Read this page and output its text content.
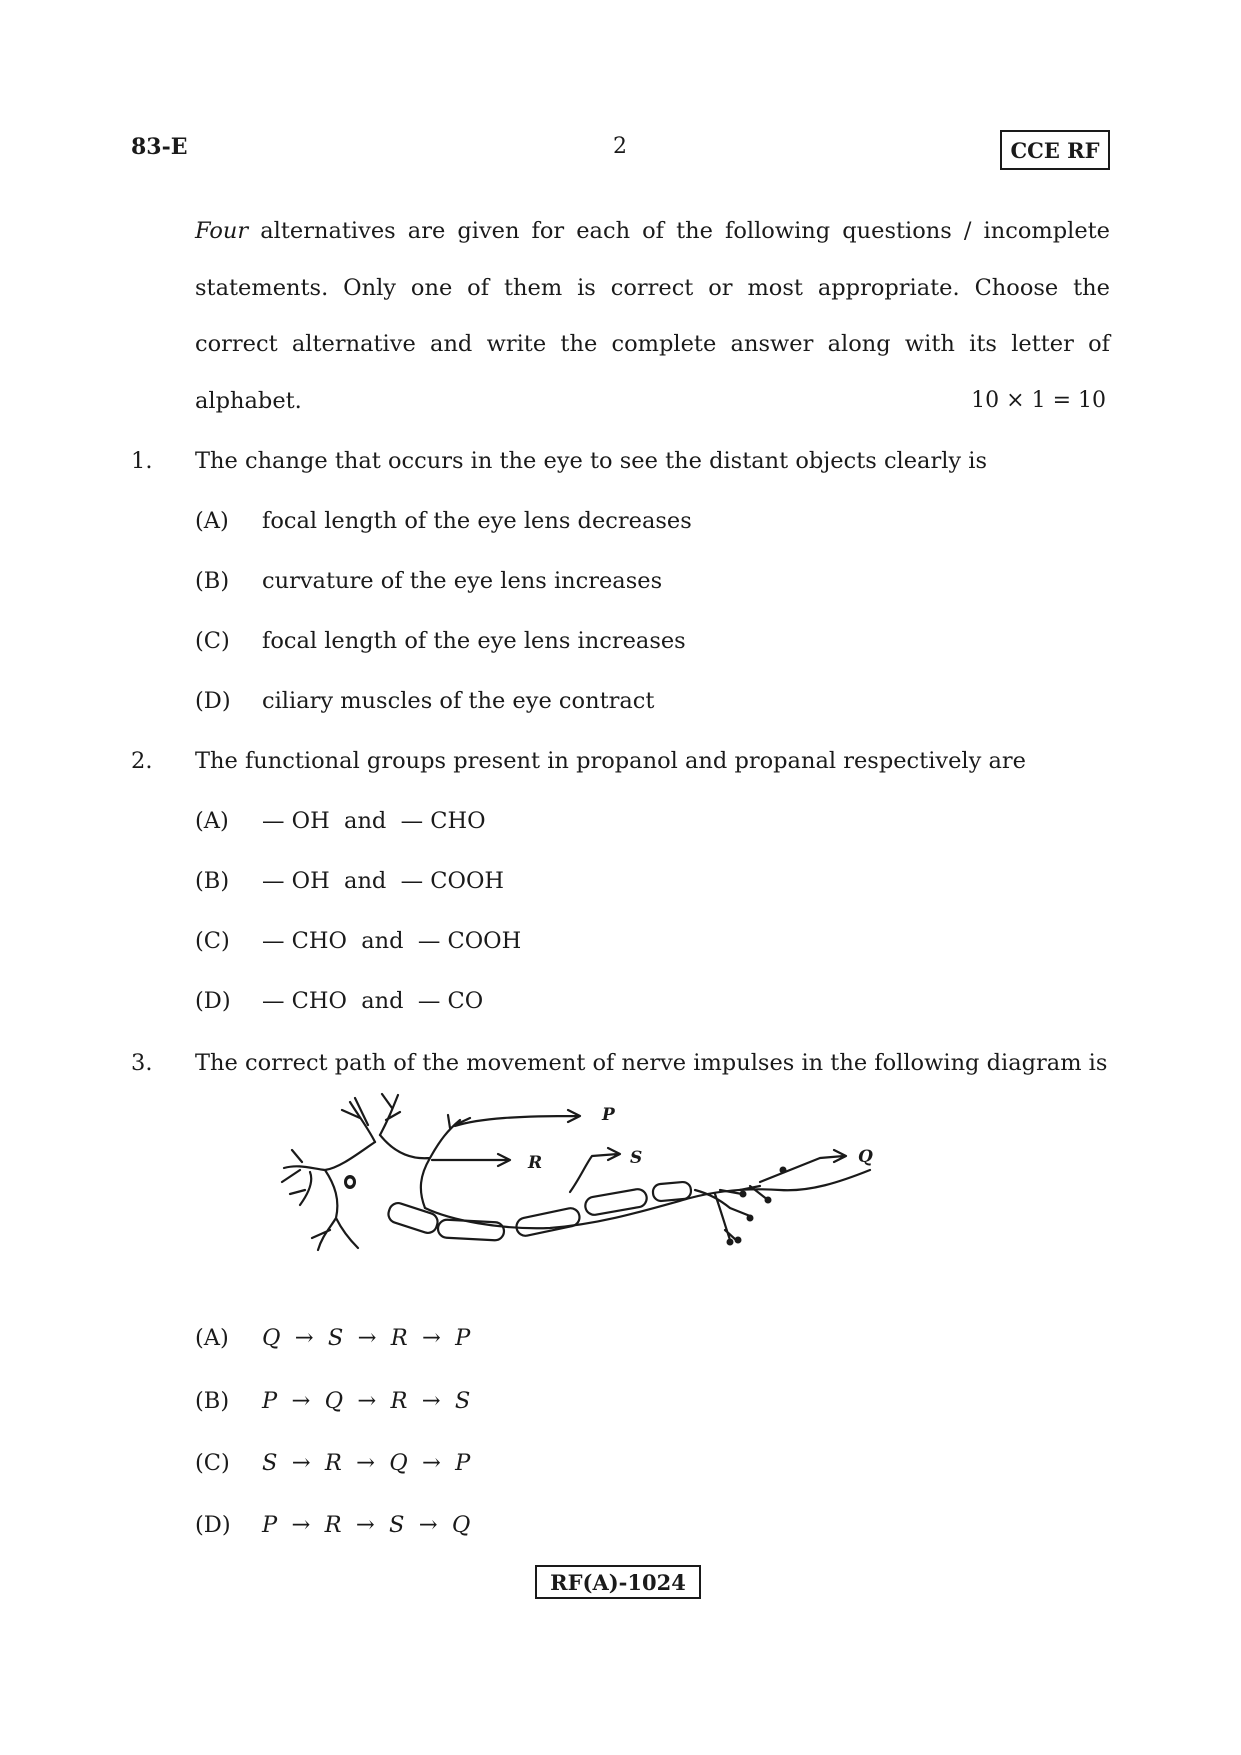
83-E	2	CCE RF
Four alternatives are given for each of the following questions / incomplete statements. Only one of them is correct or most appropriate. Choose the correct alternative and write the complete answer along with its letter of alphabet.	10 × 1 = 10
1. The change that occurs in the eye to see the distant objects clearly is
(A) focal length of the eye lens decreases
(B) curvature of the eye lens increases
(C) focal length of the eye lens increases
(D) ciliary muscles of the eye contract
2. The functional groups present in propanol and propanal respectively are
(A) — OH  and  — CHO
(B) — OH  and  — COOH
(C) — CHO  and  — COOH
(D) — CHO  and  — CO
3. The correct path of the movement of nerve impulses in the following diagram is
P
R	S	Q
(A) Q  →  S  →  R  →  P
(B) P  →  Q  →  R  →  S
(C) S  →  R  →  Q  →  P
(D) P  →  R  →  S  →  Q
RF(A)-1024
